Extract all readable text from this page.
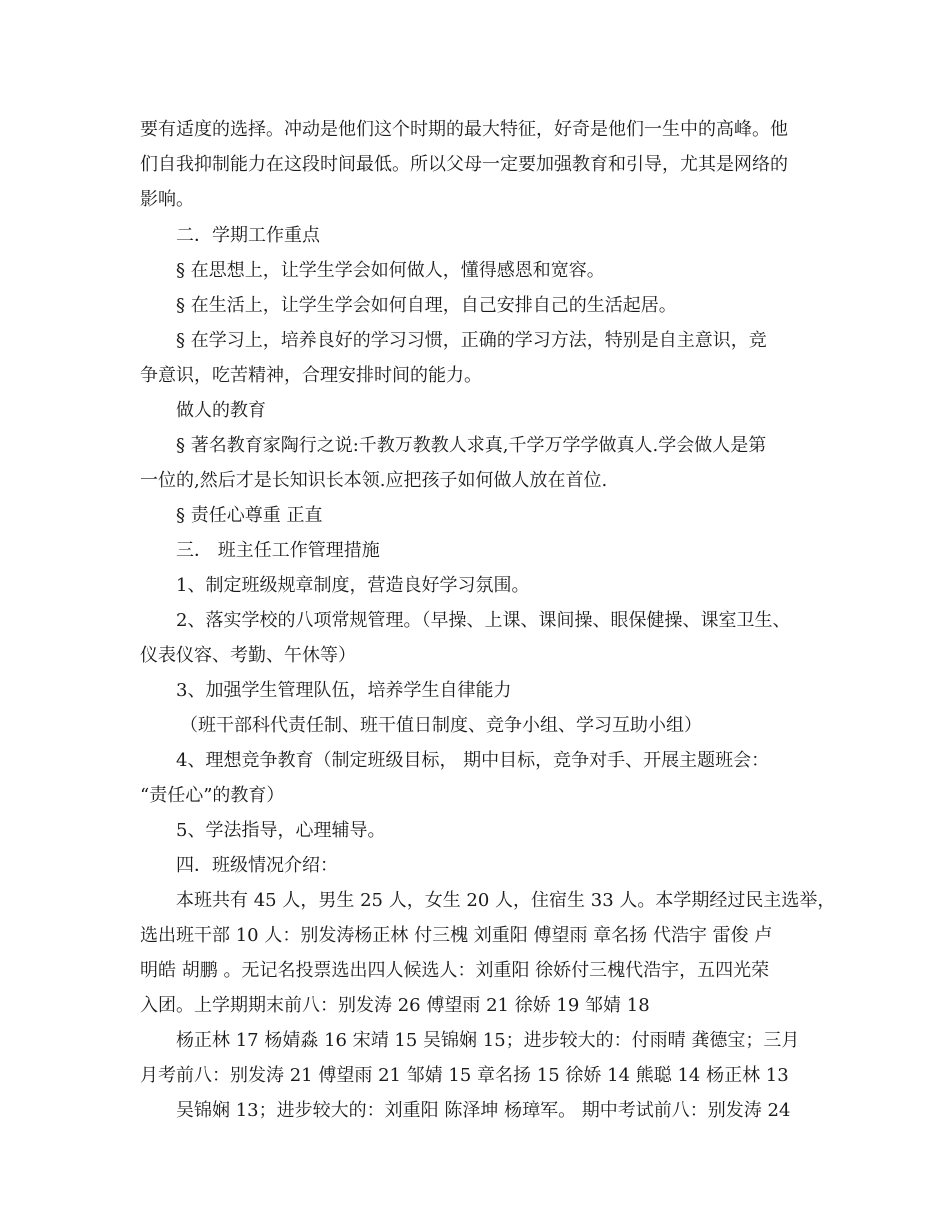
要有适度的选择。冲动是他们这个时期的最大特征，好奇是他们一生中的高峰。他
们自我抑制能力在这段时间最低。所以父母一定要加强教育和引导，尤其是网络的
影响。
二．学期工作重点
§ 在思想上，让学生学会如何做人，懂得感恩和宽容。
§ 在生活上，让学生学会如何自理，自己安排自己的生活起居。
§ 在学习上，培养良好的学习习惯，正确的学习方法，特别是自主意识，竞
争意识，吃苦精神，合理安排时间的能力。
做人的教育
§ 著名教育家陶行之说:千教万教教人求真,千学万学学做真人.学会做人是第
一位的,然后才是长知识长本领.应把孩子如何做人放在首位.
§ 责任心尊重 正直
三． 班主任工作管理措施
1、制定班级规章制度，营造良好学习氛围。
2、落实学校的八项常规管理。（早操、上课、课间操、眼保健操、课室卫生、
仪表仪容、考勤、午休等）
3、加强学生管理队伍，培养学生自律能力
（班干部科代责任制、班干值日制度、竞争小组、学习互助小组）
4、理想竞争教育（制定班级目标， 期中目标，竞争对手、开展主题班会：
“责任心”的教育）
5、学法指导，心理辅导。
四．班级情况介绍：
本班共有 45 人，男生 25 人，女生 20 人，住宿生 33 人。本学期经过民主选举，
选出班干部 10 人：别发涛杨正林 付三槐 刘重阳 傅望雨 章名扬 代浩宇 雷俊 卢
明皓 胡鹏 。无记名投票选出四人候选人：刘重阳 徐娇付三槐代浩宇，五四光荣
入团。上学期期末前八：别发涛 26 傅望雨 21 徐娇 19 邹婧 18
杨正林 17 杨婧淼 16 宋靖 15 吴锦娴 15；进步较大的：付雨晴 龚德宝；三月
月考前八：别发涛 21 傅望雨 21 邹婧 15 章名扬 15 徐娇 14 熊聪 14 杨正林 13
吴锦娴 13；进步较大的：刘重阳 陈泽坤 杨璋军。 期中考试前八：别发涛 24
